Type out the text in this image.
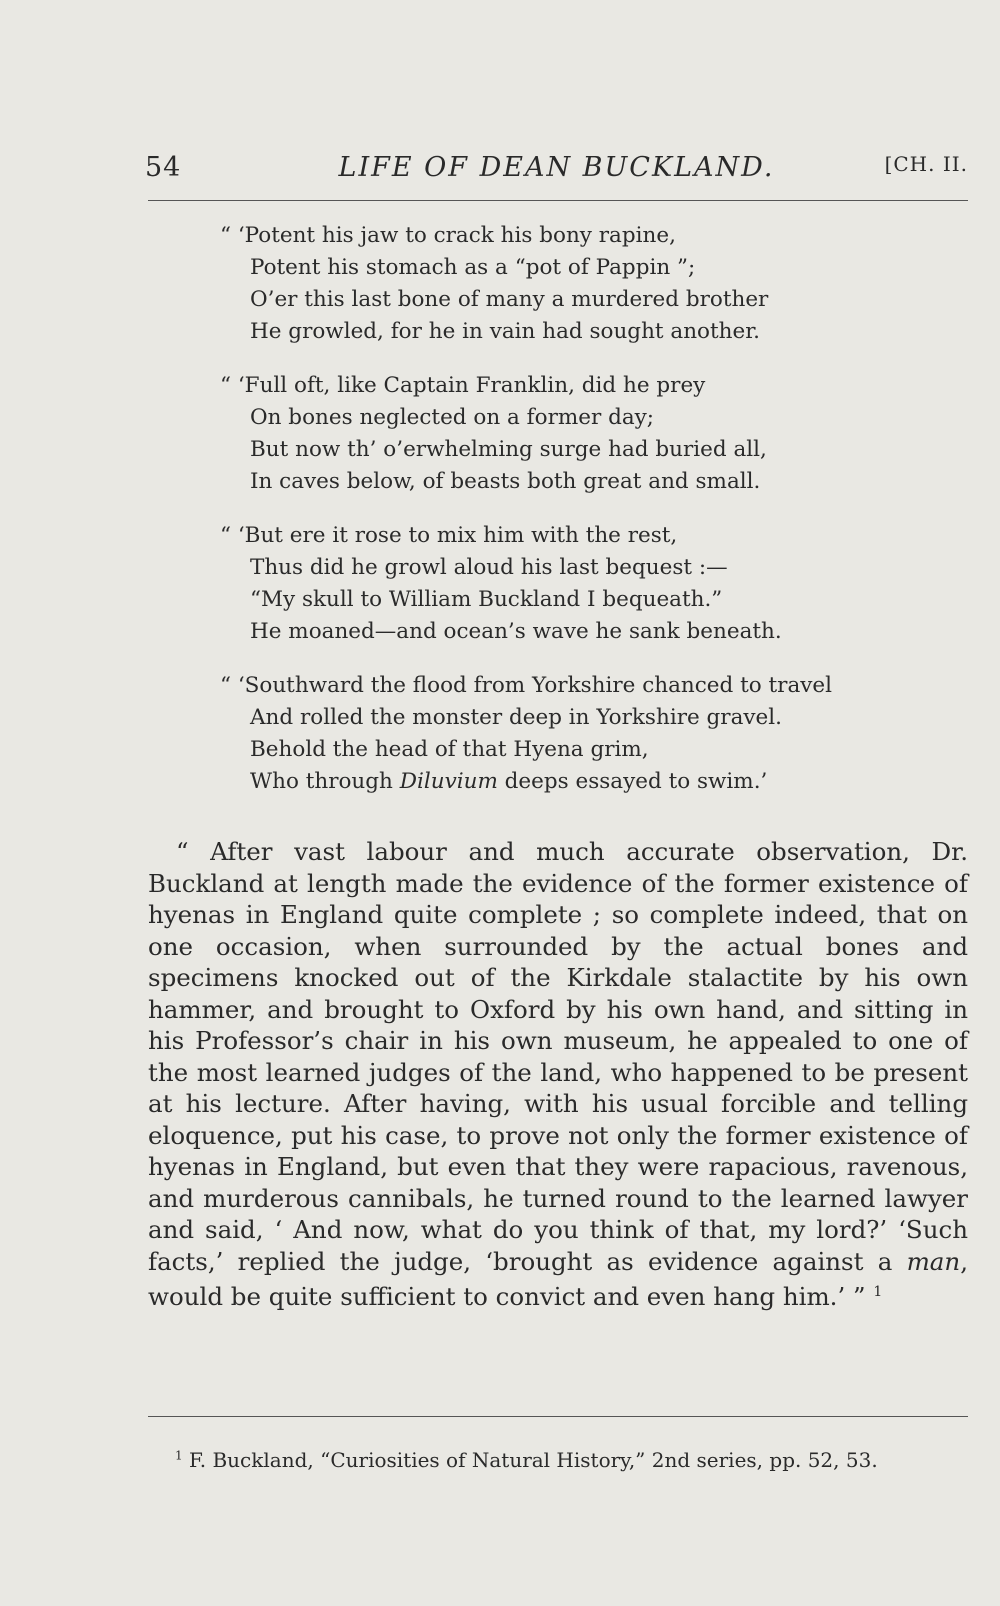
54	LIFE OF DEAN BUCKLAND.	[CH. II.
“ ‘Potent his jaw to crack his bony rapine,
Potent his stomach as a “pot of Pappin ”;
O’er this last bone of many a murdered brother
He growled, for he in vain had sought another.
“ ‘Full oft, like Captain Franklin, did he prey
On bones neglected on a former day;
But now th’ o’erwhelming surge had buried all,
In caves below, of beasts both great and small.
“ ‘But ere it rose to mix him with the rest,
Thus did he growl aloud his last bequest :—
“My skull to William Buckland I bequeath.”
He moaned—and ocean’s wave he sank beneath.
“ ‘Southward the flood from Yorkshire chanced to travel
And rolled the monster deep in Yorkshire gravel.
Behold the head of that Hyena grim,
Who through Diluvium deeps essayed to swim.’

“ After vast labour and much accurate observation, Dr. Buckland at length made the evidence of the former existence of hyenas in England quite complete ; so complete indeed, that on one occasion, when surrounded by the actual bones and specimens knocked out of the Kirkdale stalactite by his own hammer, and brought to Oxford by his own hand, and sitting in his Professor’s chair in his own museum, he appealed to one of the most learned judges of the land, who happened to be present at his lecture. After having, with his usual forcible and telling eloquence, put his case, to prove not only the former existence of hyenas in England, but even that they were rapacious, ravenous, and murderous cannibals, he turned round to the learned lawyer and said, ‘ And now, what do you think of that, my lord?’ ‘Such facts,’ replied the judge, ‘brought as evidence against a man, would be quite sufficient to convict and even hang him.’ ” $^1$

$^1$ F. Buckland, “Curiosities of Natural History,” 2nd series, pp. 52, 53.
